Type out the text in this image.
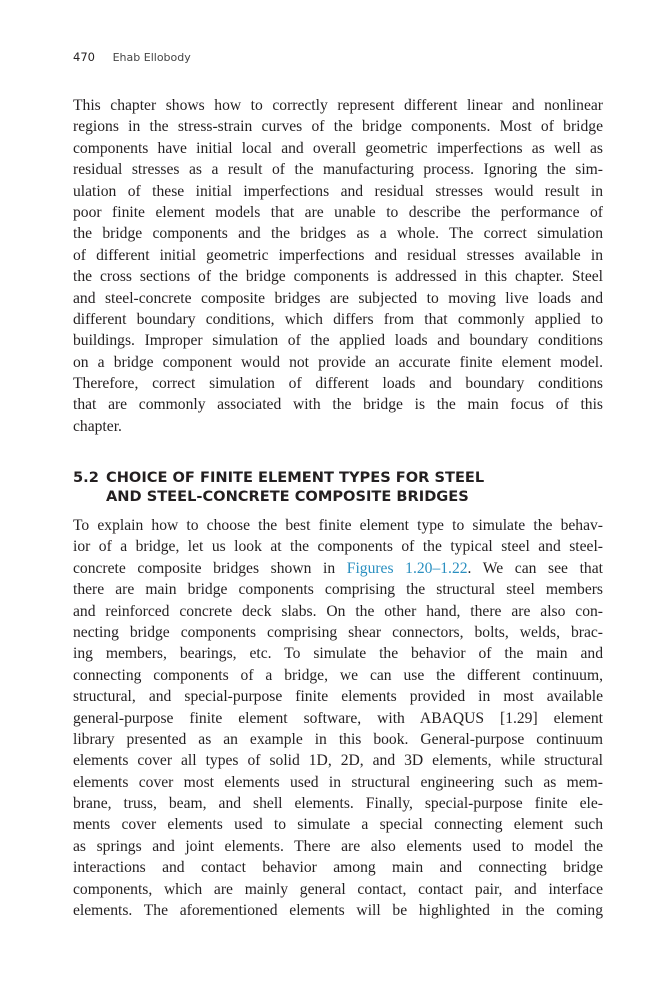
470 Ehab Ellobody
This chapter shows how to correctly represent different linear and nonlinear
regions in the stress-strain curves of the bridge components. Most of bridge
components have initial local and overall geometric imperfections as well as
residual stresses as a result of the manufacturing process. Ignoring the sim-
ulation of these initial imperfections and residual stresses would result in
poor finite element models that are unable to describe the performance of
the bridge components and the bridges as a whole. The correct simulation
of different initial geometric imperfections and residual stresses available in
the cross sections of the bridge components is addressed in this chapter. Steel
and steel-concrete composite bridges are subjected to moving live loads and
different boundary conditions, which differs from that commonly applied to
buildings. Improper simulation of the applied loads and boundary conditions
on a bridge component would not provide an accurate finite element model.
Therefore, correct simulation of different loads and boundary conditions
that are commonly associated with the bridge is the main focus of this
chapter.
5.2 CHOICE OF FINITE ELEMENT TYPES FOR STEEL
AND STEEL-CONCRETE COMPOSITE BRIDGES
To explain how to choose the best finite element type to simulate the behav-
ior of a bridge, let us look at the components of the typical steel and steel-
concrete composite bridges shown in Figures 1.20–1.22. We can see that
there are main bridge components comprising the structural steel members
and reinforced concrete deck slabs. On the other hand, there are also con-
necting bridge components comprising shear connectors, bolts, welds, brac-
ing members, bearings, etc. To simulate the behavior of the main and
connecting components of a bridge, we can use the different continuum,
structural, and special-purpose finite elements provided in most available
general-purpose finite element software, with ABAQUS [1.29] element
library presented as an example in this book. General-purpose continuum
elements cover all types of solid 1D, 2D, and 3D elements, while structural
elements cover most elements used in structural engineering such as mem-
brane, truss, beam, and shell elements. Finally, special-purpose finite ele-
ments cover elements used to simulate a special connecting element such
as springs and joint elements. There are also elements used to model the
interactions and contact behavior among main and connecting bridge
components, which are mainly general contact, contact pair, and interface
elements. The aforementioned elements will be highlighted in the coming
